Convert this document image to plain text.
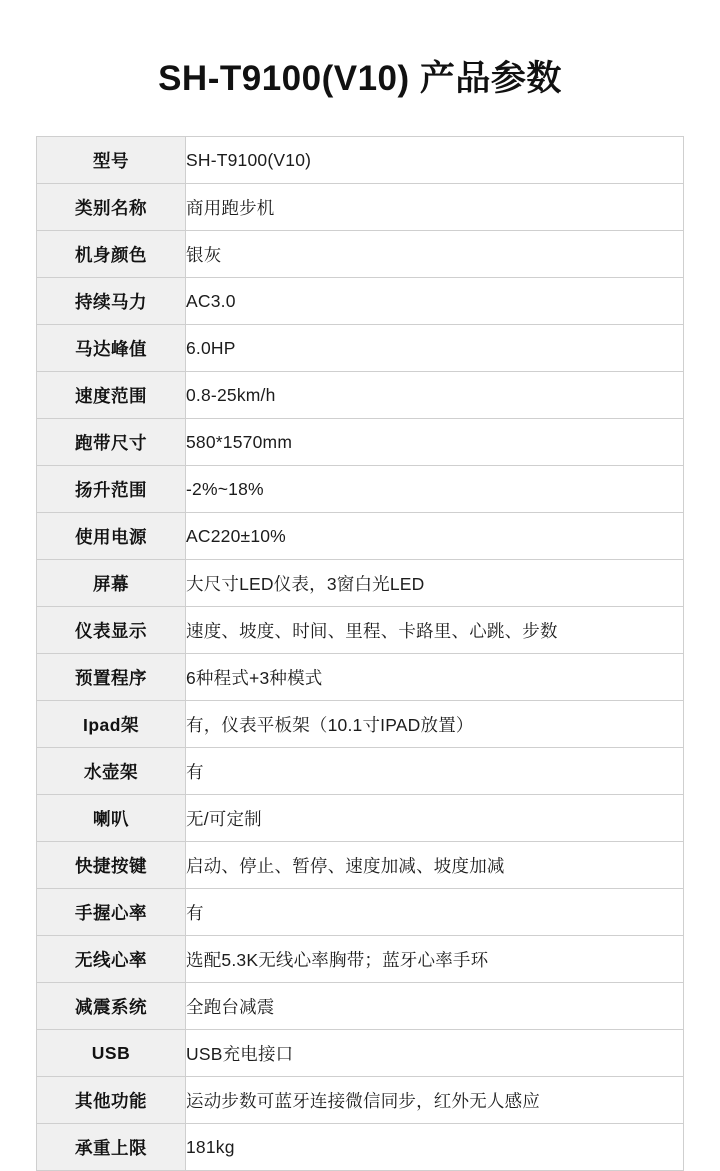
SH-T9100(V10) 产品参数
型号	SH-T9100(V10)
类别名称	商用跑步机
机身颜色	银灰
持续马力	AC3.0
马达峰值	6.0HP
速度范围	0.8-25km/h
跑带尺寸	580*1570mm
扬升范围	-2%~18%
使用电源	AC220±10%
屏幕	大尺寸LED仪表，3窗白光LED
仪表显示	速度、坡度、时间、里程、卡路里、心跳、步数
预置程序	6种程式+3种模式
Ipad架	有，仪表平板架（10.1寸IPAD放置）
水壶架	有
喇叭	无/可定制
快捷按键	启动、停止、暂停、速度加减、坡度加减
手握心率	有
无线心率	选配5.3K无线心率胸带；蓝牙心率手环
减震系统	全跑台减震
USB	USB充电接口
其他功能	运动步数可蓝牙连接微信同步，红外无人感应
承重上限	181kg
